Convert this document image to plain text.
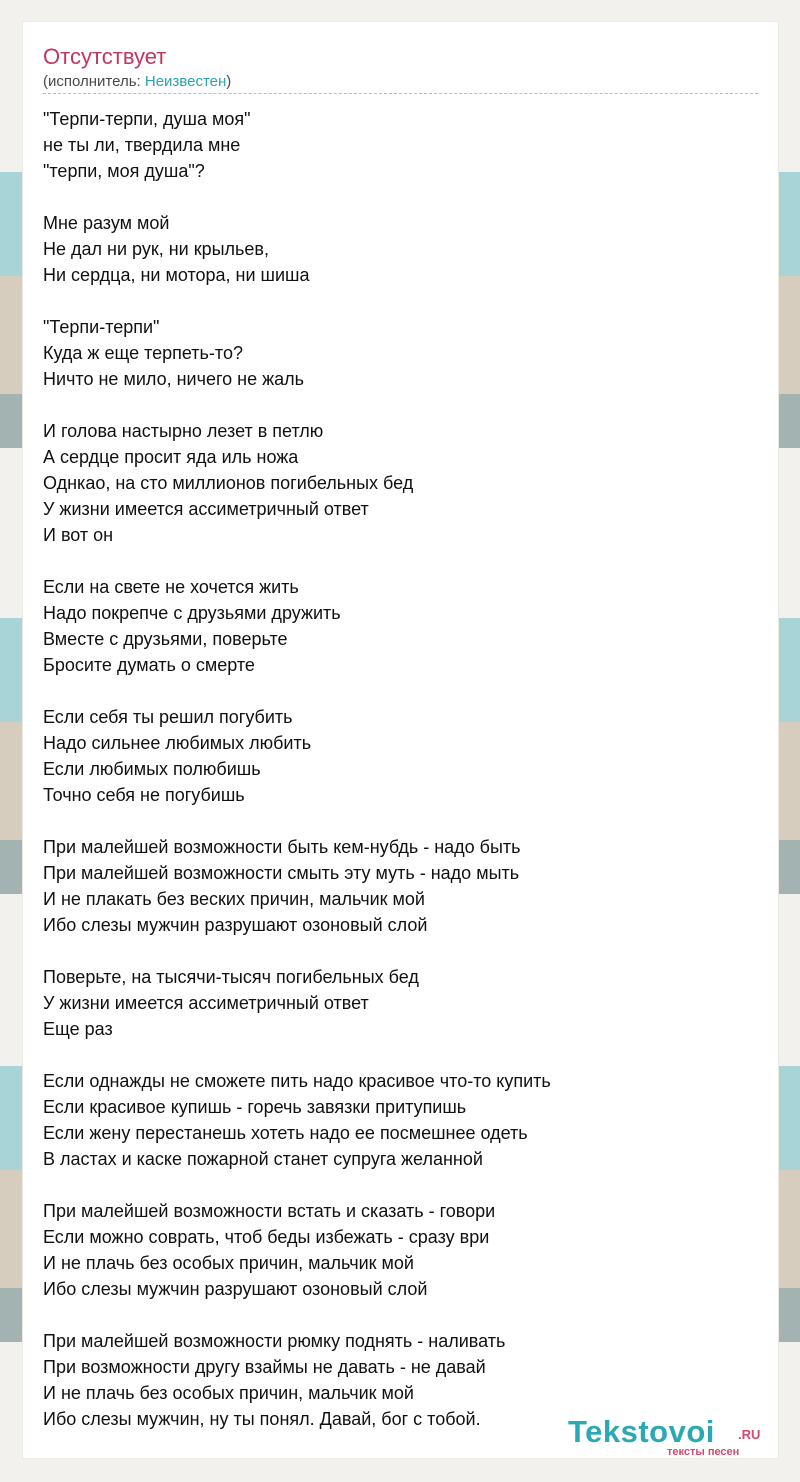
Отсутствует
(исполнитель: Неизвестен)
"Терпи-терпи, душа моя"
не ты ли, твердила мне
"терпи, моя душа"?
Мне разум мой
Не дал ни рук, ни крыльев,
Ни сердца, ни мотора, ни шиша
"Терпи-терпи"
Куда ж еще терпеть-то?
Ничто не мило, ничего не жаль
И голова настырно лезет в петлю
А сердце просит яда иль ножа
Однкао, на сто миллионов погибельных бед
У жизни имеется ассиметричный ответ
И вот он
Если на свете не хочется жить
Надо покрепче с друзьями дружить
Вместе с друзьями, поверьте
Бросите думать о смерте
Если себя ты решил погубить
Надо сильнее любимых любить
Если любимых полюбишь
Точно себя не погубишь
При малейшей возможности быть кем-нубдь - надо быть
При малейшей возможности смыть эту муть - надо мыть
И не плакать без веских причин, мальчик мой
Ибо слезы мужчин разрушают озоновый слой
Поверьте, на тысячи-тысяч погибельных бед
У жизни имеется ассиметричный ответ
Еще раз
Если однажды не сможете пить надо красивое что-то купить
Если красивое купишь - горечь завязки притупишь
Если жену перестанешь хотеть надо ее посмешнее одеть
В ластах и каске пожарной станет супруга желанной
При малейшей возможности встать и сказать - говори
Если можно соврать, чтоб беды избежать - сразу ври
И не плачь без особых причин, мальчик мой
Ибо слезы мужчин разрушают озоновый слой
При малейшей возможности рюмку поднять - наливать
При возможности другу взаймы не давать - не давай
И не плачь без особых причин, мальчик мой
Ибо слезы мужчин, ну ты понял. Давай, бог с тобой.	Tekstovoi .RU
тексты песен
